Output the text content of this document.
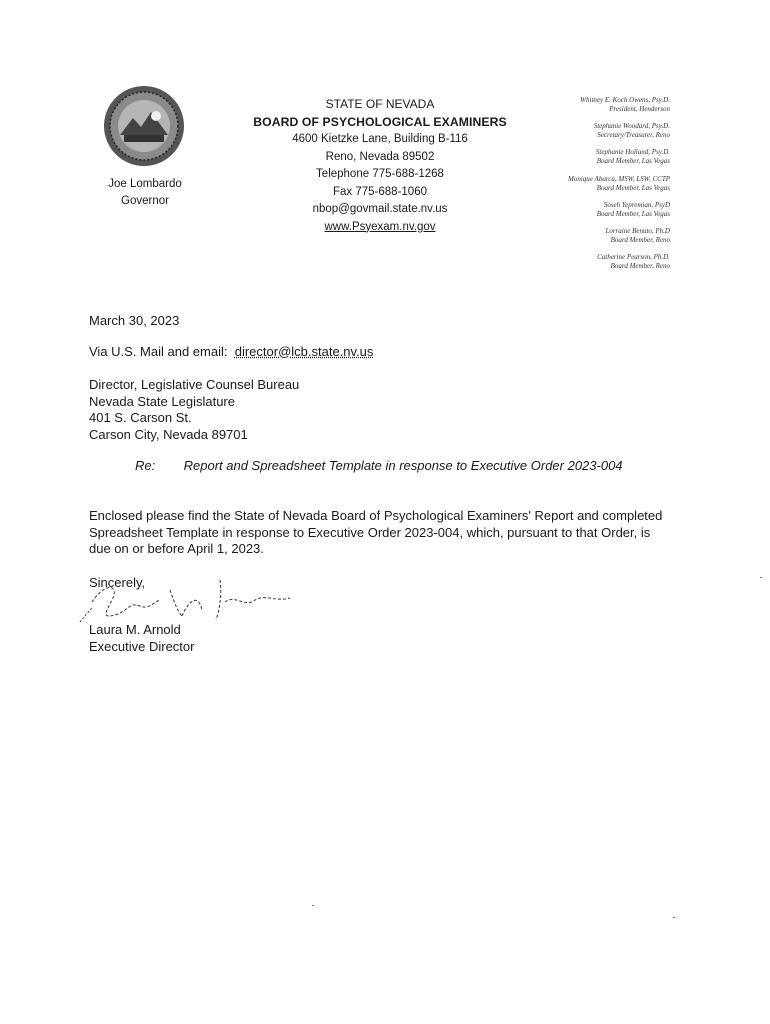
Joe Lombardo
Governor
STATE OF NEVADA
BOARD OF PSYCHOLOGICAL EXAMINERS
4600 Kietzke Lane, Building B-116
Reno, Nevada 89502
Telephone 775-688-1268
Fax 775-688-1060
nbop@govmail.state.nv.us
www.Psyexam.nv.gov
Whitney E. Koch Owens, Psy.D.
President, Henderson
Stephanie Woodard, Psy.D.
Secretary/Treasurer, Reno
Stephanie Holland, Psy.D.
Board Member, Las Vegas
Monique Abarca, MSW, LSW, CCTP
Board Member, Las Vegas
Soseh Yepremian, PsyD
Board Member, Las Vegas
Lorraine Benuto, Ph.D
Board Member, Reno
Catherine Pearson, Ph.D.
Board Member, Reno
March 30, 2023
Via U.S. Mail and email: director@lcb.state.nv.us
Director, Legislative Counsel Bureau
Nevada State Legislature
401 S. Carson St.
Carson City, Nevada 89701
Re: Report and Spreadsheet Template in response to Executive Order 2023-004
Enclosed please find the State of Nevada Board of Psychological Examiners' Report and completed Spreadsheet Template in response to Executive Order 2023-004, which, pursuant to that Order, is due on or before April 1, 2023.
Sincerely,
Laura M. Arnold
Executive Director
